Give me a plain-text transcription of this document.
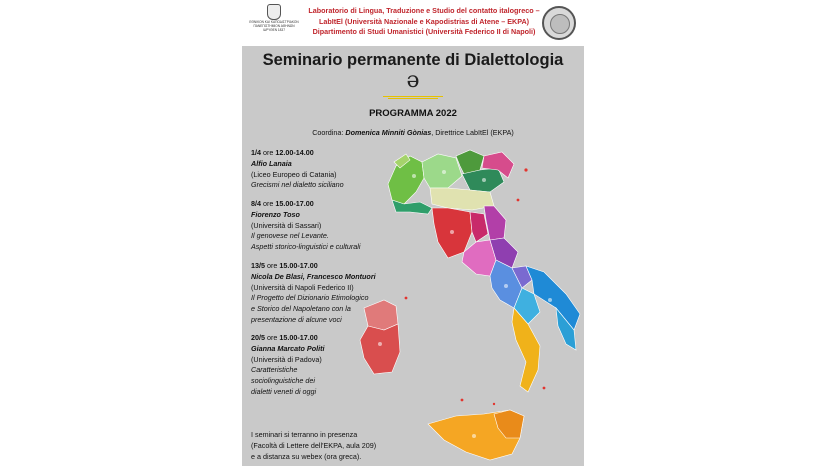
ΕΘΝΙΚΟΝ ΚΑΙ ΚΑΠΟΔΙΣΤΡΙΑΚΟΝ
ΠΑΝΕΠΙΣΤΗΜΙΟΝ ΑΘΗΝΩΝ
ΙΔΡΥΘΕΝ 1837
Laboratorio di Lingua, Traduzione e Studio del contatto italogreco –
LabItEl (Università Nazionale e Kapodistrias di Atene – EKPA)
Dipartimento di Studi Umanistici (Università Federico II di Napoli)
Seminario permanente di Dialettologia
ə
PROGRAMMA 2022
Coordina: Domenica Minniti Gònias, Direttrice LabItEl (EKPA)
1/4 ore 12.00-14.00
Alfio Lanaia
(Liceo Europeo di Catania)
Grecismi nel dialetto siciliano
8/4 ore 15.00-17.00
Fiorenzo Toso
(Università di Sassari)
Il genovese nel Levante.
Aspetti storico-linguistici e culturali
13/5 ore 15.00-17.00
Nicola De Blasi, Francesco Montuori
(Università di Napoli Federico II)
Il Progetto del Dizionario Etimologico
e Storico del Napoletano con la
presentazione di alcune voci
20/5 ore 15.00-17.00
Gianna Marcato Politi
(Università di Padova)
Caratteristiche
sociolinguistiche dei
dialetti veneti di oggi
I seminari si terranno in presenza
(Facoltà di Lettere dell'EKPA, aula 209)
e a distanza su webex (ora greca).
